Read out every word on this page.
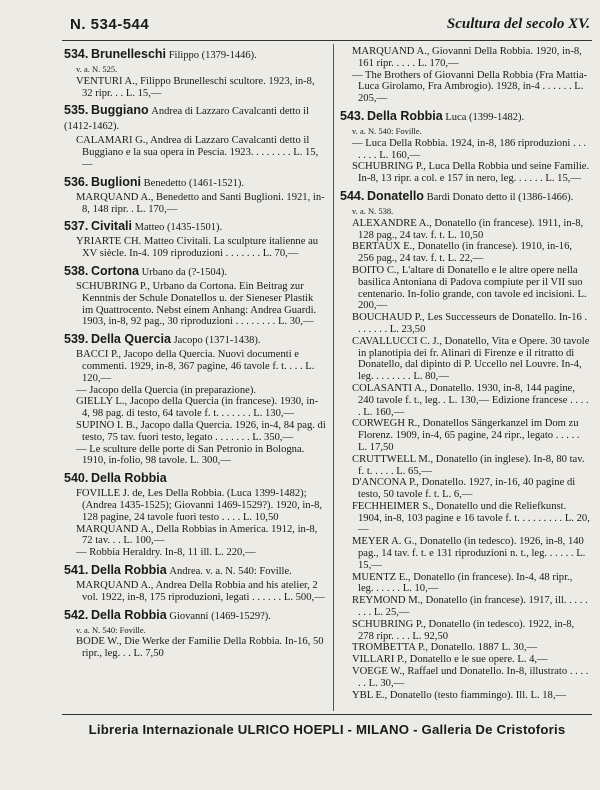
N. 534-544	Scultura del secolo XV.
534. Brunelleschi Filippo (1379-1446).
v. a. N. 525.
VENTURI A., Filippo Brunelleschi scultore. 1923, in-8, 32 ripr. . . L. 15,—
535. Buggiano Andrea di Lazzaro Cavalcanti detto il (1412-1462).
CALAMARI G., Andrea di Lazzaro Cavalcanti detto il Buggiano e la sua opera in Pescia. 1923. . . . . . . . L. 15,—
536. Buglioni Benedetto (1461-1521).
MARQUAND A., Benedetto and Santi Buglioni. 1921, in-8, 148 ripr. . L. 170,—
537. Civitali Matteo (1435-1501).
YRIARTE CH. Matteo Civitali. La sculpture italienne au XV siècle. In-4. 109 riproduzioni . . . . . . . L. 70,—
538. Cortona Urbano da (?-1504).
SCHUBRING P., Urbano da Cortona. Ein Beitrag zur Kenntnis der Schule Donatellos u. der Sieneser Plastik im Quattrocento. Nebst einem Anhang: Andrea Guardi. 1903, in-8, 92 pag., 30 riproduzioni . . . . . . . . L. 30,—
539. Della Quercia Jacopo (1371-1438).
BACCI P., Jacopo della Quercia. Nuovi documenti e commenti. 1929, in-8, 367 pagine, 46 tavole f. t. . . . L. 120,—
— Jacopo della Quercia (in preparazione).
GIELLY L., Jacopo della Quercia (in francese). 1930, in-4, 98 pag. di testo, 64 tavole f. t. . . . . . . L. 130,—
SUPINO I. B., Jacopo dalla Quercia. 1926, in-4, 84 pag. di testo, 75 tav. fuori testo, legato . . . . . . . L. 350,—
— Le sculture delle porte di San Petronio in Bologna. 1910, in-folio, 98 tavole. L. 300,—
540. Della Robbia
FOVILLE J. de, Les Della Robbia. (Luca 1399-1482); (Andrea 1435-1525); Giovanni 1469-1529?). 1920, in-8, 128 pagine, 24 tavole fuori testo . . . . L. 10,50
MARQUAND A., Della Robbias in America. 1912, in-8, 72 tav. . . L. 100,—
— Robbia Heraldry. In-8, 11 ill. L. 220,—
541. Della Robbia Andrea. v. a. N. 540: Foville.
MARQUAND A., Andrea Della Robbia and his atelier, 2 vol. 1922, in-8, 175 riproduzioni, legati . . . . . . L. 500,—
542. Della Robbia Giovanni (1469-1529?).
v. a. N. 540: Foville.
BODE W., Die Werke der Familie Della Robbia. In-16, 50 ripr., leg. . . L. 7,50
MARQUAND A., Giovanni Della Robbia. 1920, in-8, 161 ripr. . . . . L. 170,—
— The Brothers of Giovanni Della Robbia (Fra Mattia-Luca Girolamo, Fra Ambrogio). 1928, in-4 . . . . . . L. 205,—
543. Della Robbia Luca (1399-1482).
v. a. N. 540: Foville.
— Luca Della Robbia. 1924, in-8, 186 riproduzioni . . . . . . . L. 160,—
SCHUBRING P., Luca Della Robbia und seine Familie. In-8, 13 ripr. a col. e 157 in nero, leg. . . . . . L. 15,—
544. Donatello Bardi Donato detto il (1386-1466).
v. a. N. 538.
ALEXANDRE A., Donatello (in francese). 1911, in-8, 128 pag., 24 tav. f. t. L. 10,50
BERTAUX E., Donatello (in francese). 1910, in-16, 256 pag., 24 tav. f. t. L. 22,—
BOITO C., L'altare di Donatello e le altre opere nella basilica Antoniana di Padova compiute per il VII suo centenario. In-folio grande, con tavole ed incisioni. L. 200,—
BOUCHAUD P., Les Successeurs de Donatello. In-16 . . . . . . . L. 23,50
CAVALLUCCI C. J., Donatello, Vita e Opere. 30 tavole in planotipia dei fr. Alinari di Firenze e il ritratto di Donatello, dal dipinto di P. Uccello nel Louvre. In-4, leg. . . . . . . . L. 80,—
COLASANTI A., Donatello. 1930, in-8, 144 pagine, 240 tavole f. t., leg. . L. 130,— Edizione francese . . . . . L. 160,—
CORWEGH R., Donatellos Sängerkanzel im Dom zu Florenz. 1909, in-4, 65 pagine, 24 ripr., legato . . . . . L. 17,50
CRUTTWELL M., Donatello (in inglese). In-8, 80 tav. f. t. . . . . L. 65,—
D'ANCONA P., Donatello. 1927, in-16, 40 pagine di testo, 50 tavole f. t. L. 6,—
FECHHEIMER S., Donatello und die Reliefkunst. 1904, in-8, 103 pagine e 16 tavole f. t. . . . . . . . . L. 20,—
MEYER A. G., Donatello (in tedesco). 1926, in-8, 140 pag., 14 tav. f. t. e 131 riproduzioni n. t., leg. . . . . . L. 15,—
MUENTZ E., Donatello (in francese). In-4, 48 ripr., leg. . . . . . L. 10,—
REYMOND M., Donatello (in francese). 1917, ill. . . . . . . . L. 25,—
SCHUBRING P., Donatello (in tedesco). 1922, in-8, 278 ripr. . . . L. 92,50
TROMBETTA P., Donatello. 1887 L. 30,—
VILLARI P., Donatello e le sue opere. L. 4,—
VOEGE W., Raffael und Donatello. In-8, illustrato . . . . . . L. 30,—
YBL E., Donatello (testo fiammingo). Ill. L. 18,—
Libreria Internazionale ULRICO HOEPLI - MILANO - Galleria De Cristoforis
